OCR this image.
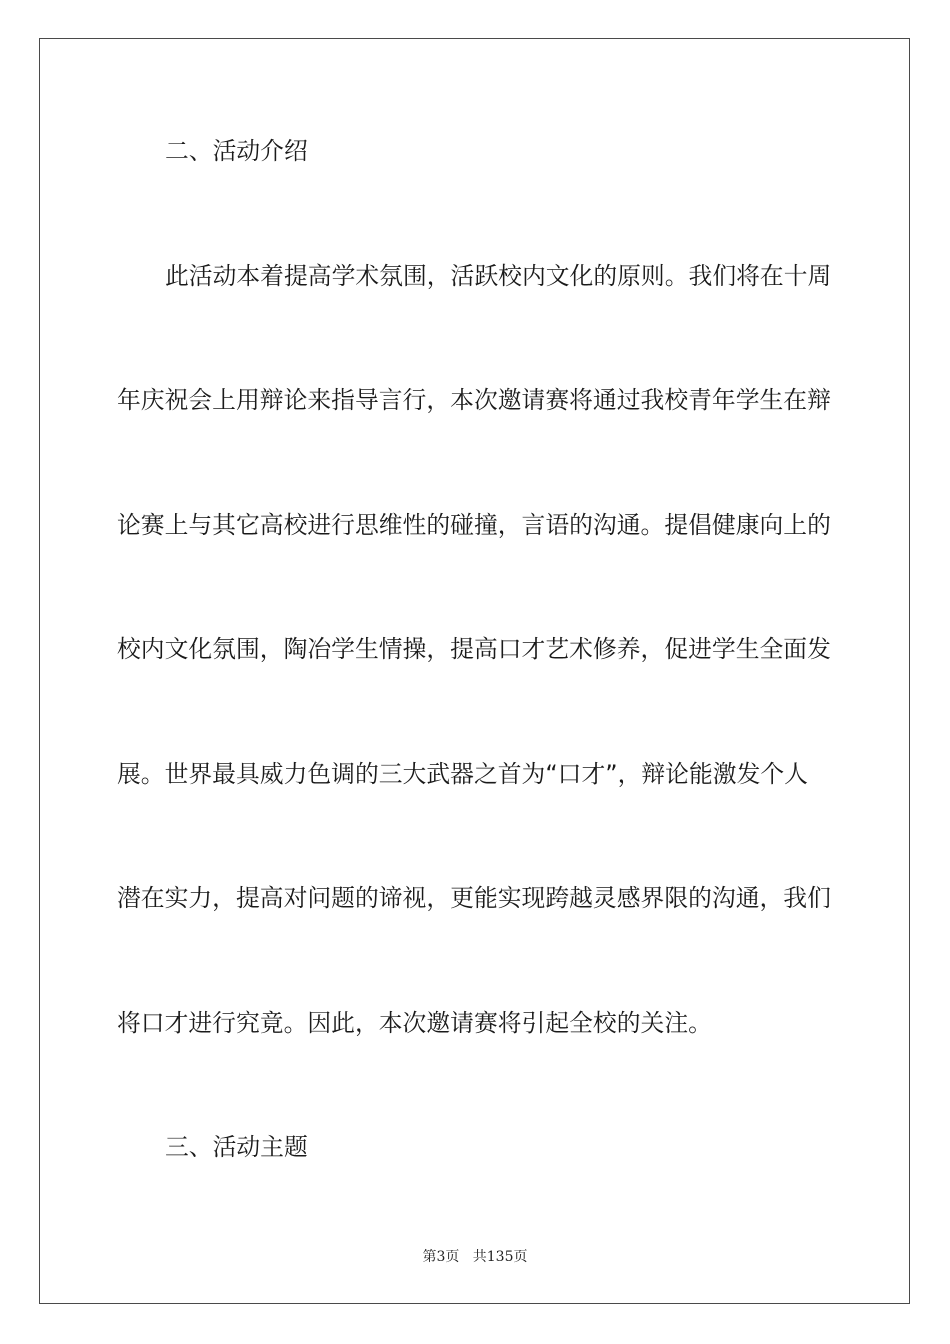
二、活动介绍
此活动本着提高学术氛围，活跃校内文化的原则。我们将在十周
年庆祝会上用辩论来指导言行，本次邀请赛将通过我校青年学生在辩
论赛上与其它高校进行思维性的碰撞，言语的沟通。提倡健康向上的
校内文化氛围，陶冶学生情操，提高口才艺术修养，促进学生全面发
展。世界最具威力色调的三大武器之首为“口才”，辩论能激发个人
潜在实力，提高对问题的谛视，更能实现跨越灵感界限的沟通，我们
将口才进行究竟。因此，本次邀请赛将引起全校的关注。
三、活动主题
第3页 共135页
